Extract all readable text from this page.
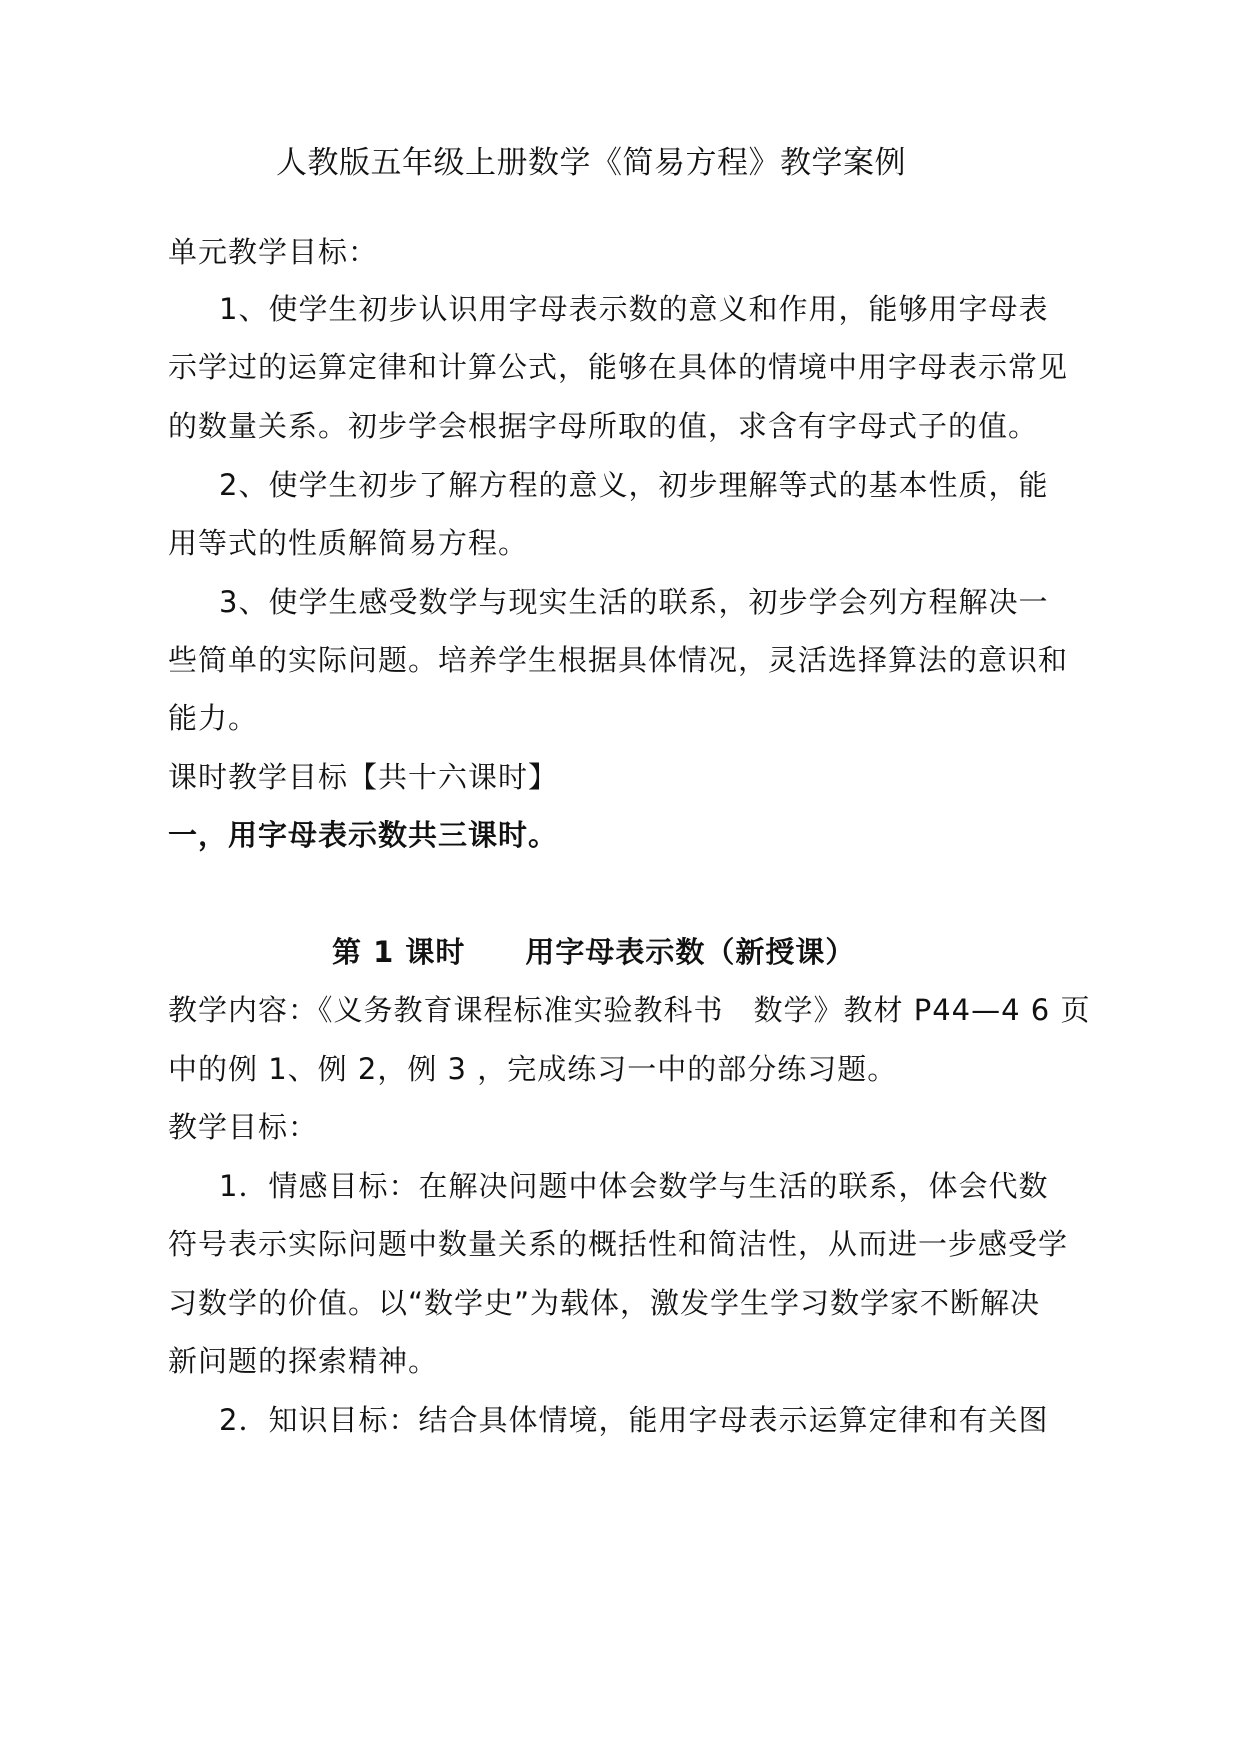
人教版五年级上册数学《简易方程》教学案例
单元教学目标：
1、使学生初步认识用字母表示数的意义和作用，能够用字母表
示学过的运算定律和计算公式，能够在具体的情境中用字母表示常见
的数量关系。初步学会根据字母所取的值，求含有字母式子的值。
2、使学生初步了解方程的意义，初步理解等式的基本性质，能
用等式的性质解简易方程。
3、使学生感受数学与现实生活的联系，初步学会列方程解决一
些简单的实际问题。培养学生根据具体情况，灵活选择算法的意识和
能力。
课时教学目标【共十六课时】
一，用字母表示数共三课时。
第 1 课时　　用字母表示数（新授课）
教学内容：《义务教育课程标准实验教科书　数学》教材 P44—4 6 页
中的例 1、例 2，例 3 ，完成练习一中的部分练习题。
教学目标：
1．情感目标：在解决问题中体会数学与生活的联系，体会代数
符号表示实际问题中数量关系的概括性和简洁性，从而进一步感受学
习数学的价值。以“数学史”为载体，激发学生学习数学家不断解决
新问题的探索精神。
2．知识目标：结合具体情境，能用字母表示运算定律和有关图
